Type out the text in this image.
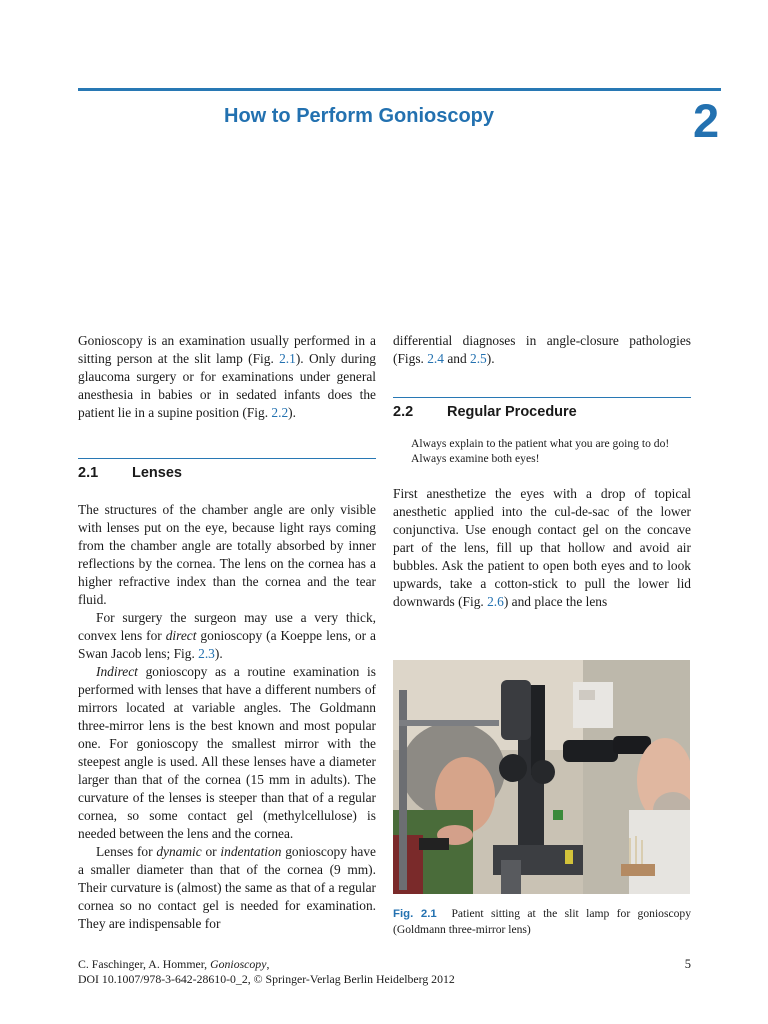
How to Perform Gonioscopy	2

Gonioscopy is an examination usually performed in a sitting person at the slit lamp (Fig. 2.1). Only during glaucoma surgery or for examinations under general anesthesia in babies or in sedated infants does the patient lie in a supine position (Fig. 2.2).

2.1	Lenses

The structures of the chamber angle are only visible with lenses put on the eye, because light rays coming from the chamber angle are totally absorbed by inner reflections by the cornea. The lens on the cornea has a higher refractive index than the cornea and the tear fluid.

For surgery the surgeon may use a very thick, convex lens for direct gonioscopy (a Koeppe lens, or a Swan Jacob lens; Fig. 2.3).

Indirect gonioscopy as a routine examination is performed with lenses that have a different numbers of mirrors located at variable angles. The Goldmann three-mirror lens is the best known and most popular one. For gonioscopy the smallest mirror with the steepest angle is used. All these lenses have a diameter larger than that of the cornea (15 mm in adults). The curvature of the lenses is steeper than that of a regular cornea, so some contact gel (methylcellulose) is needed between the lens and the cornea.

Lenses for dynamic or indentation gonioscopy have a smaller diameter than that of the cornea (9 mm). Their curvature is (almost) the same as that of a regular cornea so no contact gel is needed for examination. They are indispensable for

differential diagnoses in angle-closure pathologies (Figs. 2.4 and 2.5).

2.2	Regular Procedure

Always explain to the patient what you are going to do!

Always examine both eyes!

First anesthetize the eyes with a drop of topical anesthetic applied into the cul-de-sac of the lower conjunctiva. Use enough contact gel on the concave part of the lens, fill up that hollow and avoid air bubbles. Ask the patient to open both eyes and to look upwards, take a cotton-stick to pull the lower lid downwards (Fig. 2.6) and place the lens

Fig. 2.1 Patient sitting at the slit lamp for gonioscopy (Goldmann three-mirror lens)
C. Faschinger, A. Hommer, Gonioscopy,
DOI 10.1007/978-3-642-28610-0_2, © Springer-Verlag Berlin Heidelberg 2012
5
